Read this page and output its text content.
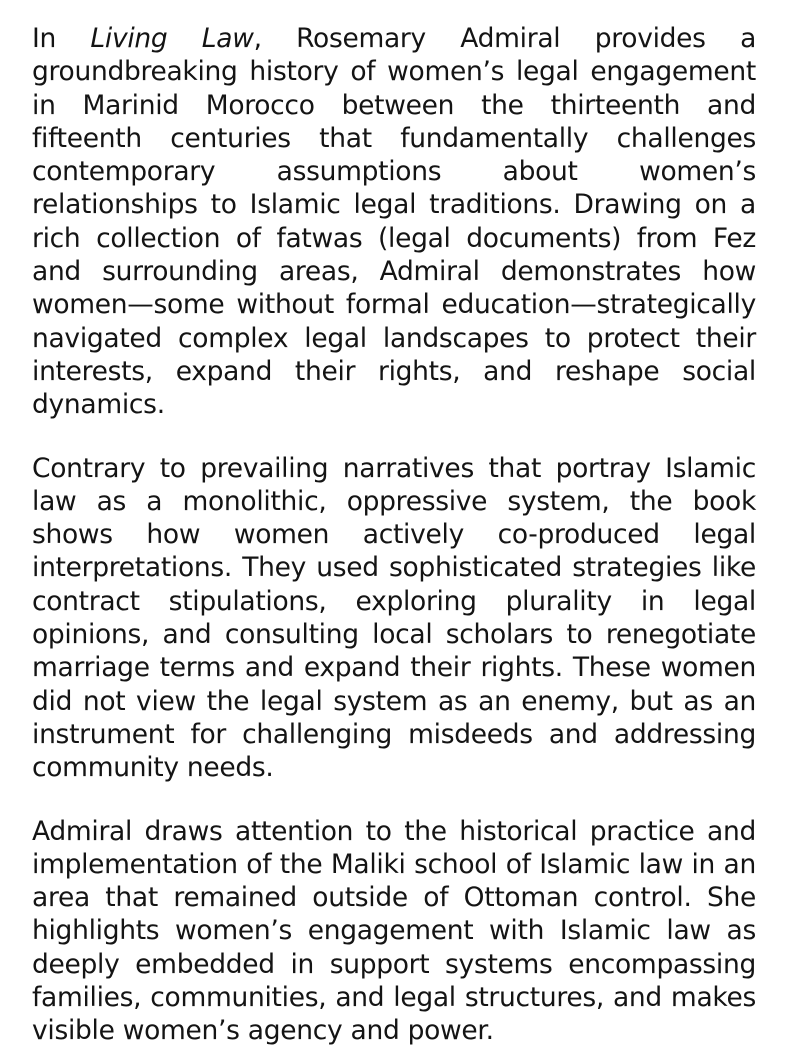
In Living Law, Rosemary Admiral provides a groundbreaking history of women’s legal engagement in Marinid Morocco between the thirteenth and fifteenth centuries that fundamentally challenges contemporary assumptions about women’s relationships to Islamic legal traditions. Drawing on a rich collection of fatwas (legal documents) from Fez and surrounding areas, Admiral demonstrates how women—some without formal education—strategically navigated complex legal landscapes to protect their interests, expand their rights, and reshape social dynamics.

Contrary to prevailing narratives that portray Islamic law as a monolithic, oppressive system, the book shows how women actively co-produced legal interpretations. They used sophisticated strategies like contract stipulations, exploring plurality in legal opinions, and consulting local scholars to renegotiate marriage terms and expand their rights. These women did not view the legal system as an enemy, but as an instrument for challenging misdeeds and addressing community needs.

Admiral draws attention to the historical practice and implementation of the Maliki school of Islamic law in an area that remained outside of Ottoman control. She highlights women’s engagement with Islamic law as deeply embedded in support systems encompassing families, communities, and legal structures, and makes visible women’s agency and power.
